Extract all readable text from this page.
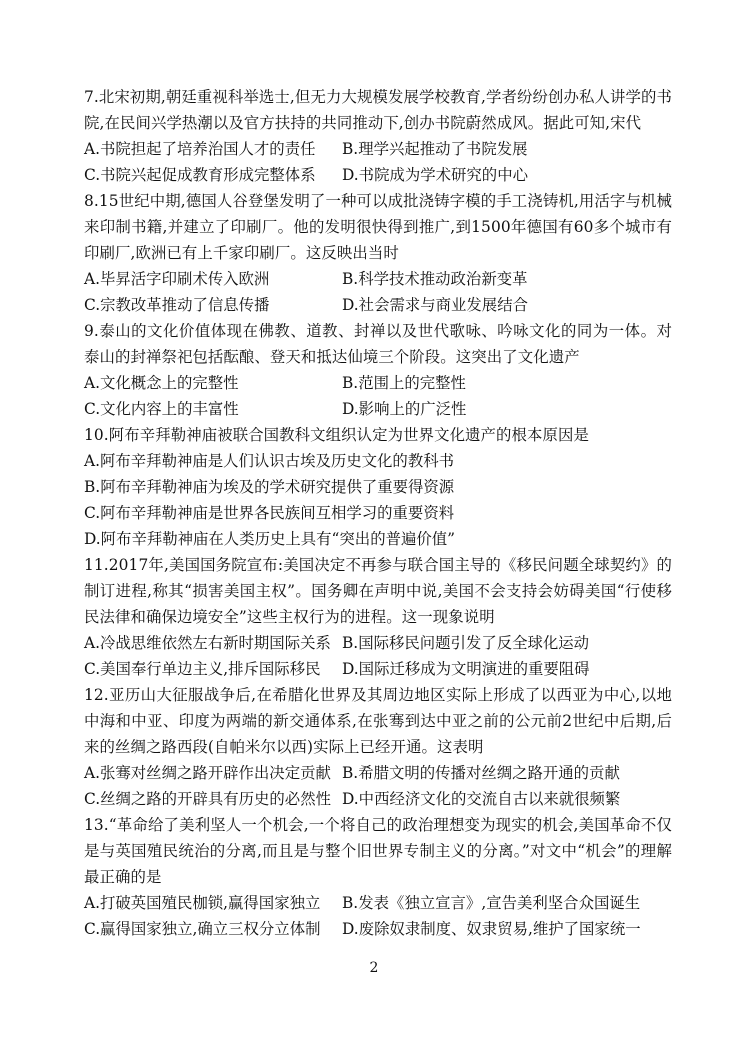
7.北宋初期,朝廷重视科举选士,但无力大规模发展学校教育,学者纷纷创办私人讲学的书院,在民间兴学热潮以及官方扶持的共同推动下,创办书院蔚然成风。据此可知,宋代

A.书院担起了培养治国人才的责任	B.理学兴起推动了书院发展
C.书院兴起促成教育形成完整体系	D.书院成为学术研究的中心

8.15世纪中期,德国人谷登堡发明了一种可以成批浇铸字模的手工浇铸机,用活字与机械来印制书籍,并建立了印刷厂。他的发明很快得到推广,到1500年德国有60多个城市有印刷厂,欧洲已有上千家印刷厂。这反映出当时

A.毕昇活字印刷术传入欧洲	B.科学技术推动政治新变革
C.宗教改革推动了信息传播	D.社会需求与商业发展结合

9.泰山的文化价值体现在佛教、道教、封禅以及世代歌咏、吟咏文化的同为一体。对泰山的封禅祭祀包括酝酿、登天和抵达仙境三个阶段。这突出了文化遗产

A.文化概念上的完整性	B.范围上的完整性
C.文化内容上的丰富性	D.影响上的广泛性

10.阿布辛拜勒神庙被联合国教科文组织认定为世界文化遗产的根本原因是

A.阿布辛拜勒神庙是人们认识古埃及历史文化的教科书
B.阿布辛拜勒神庙为埃及的学术研究提供了重要得资源
C.阿布辛拜勒神庙是世界各民族间互相学习的重要资料
D.阿布辛拜勒神庙在人类历史上具有“突出的普遍价值”

11.2017年,美国国务院宣布:美国决定不再参与联合国主导的《移民问题全球契约》的制订进程,称其“损害美国主权”。国务卿在声明中说,美国不会支持会妨碍美国“行使移民法律和确保边境安全”这些主权行为的进程。这一现象说明

A.冷战思维依然左右新时期国际关系 B.国际移民问题引发了反全球化运动
C.美国奉行单边主义,排斥国际移民	D.国际迁移成为文明演进的重要阻碍

12.亚历山大征服战争后,在希腊化世界及其周边地区实际上形成了以西亚为中心,以地中海和中亚、印度为两端的新交通体系,在张骞到达中亚之前的公元前2世纪中后期,后来的丝绸之路西段(自帕米尔以西)实际上已经开通。这表明

A.张骞对丝绸之路开辟作出决定贡献 B.希腊文明的传播对丝绸之路开通的贡献
C.丝绸之路的开辟具有历史的必然性 D.中西经济文化的交流自古以来就很频繁

13.“革命给了美利坚人一个机会,一个将自己的政治理想变为现实的机会,美国革命不仅是与英国殖民统治的分离,而且是与整个旧世界专制主义的分离。”对文中“机会”的理解最正确的是

A.打破英国殖民枷锁,赢得国家独立	B.发表《独立宣言》,宣告美利坚合众国诞生
C.赢得国家独立,确立三权分立体制	D.废除奴隶制度、奴隶贸易,维护了国家统一
2
